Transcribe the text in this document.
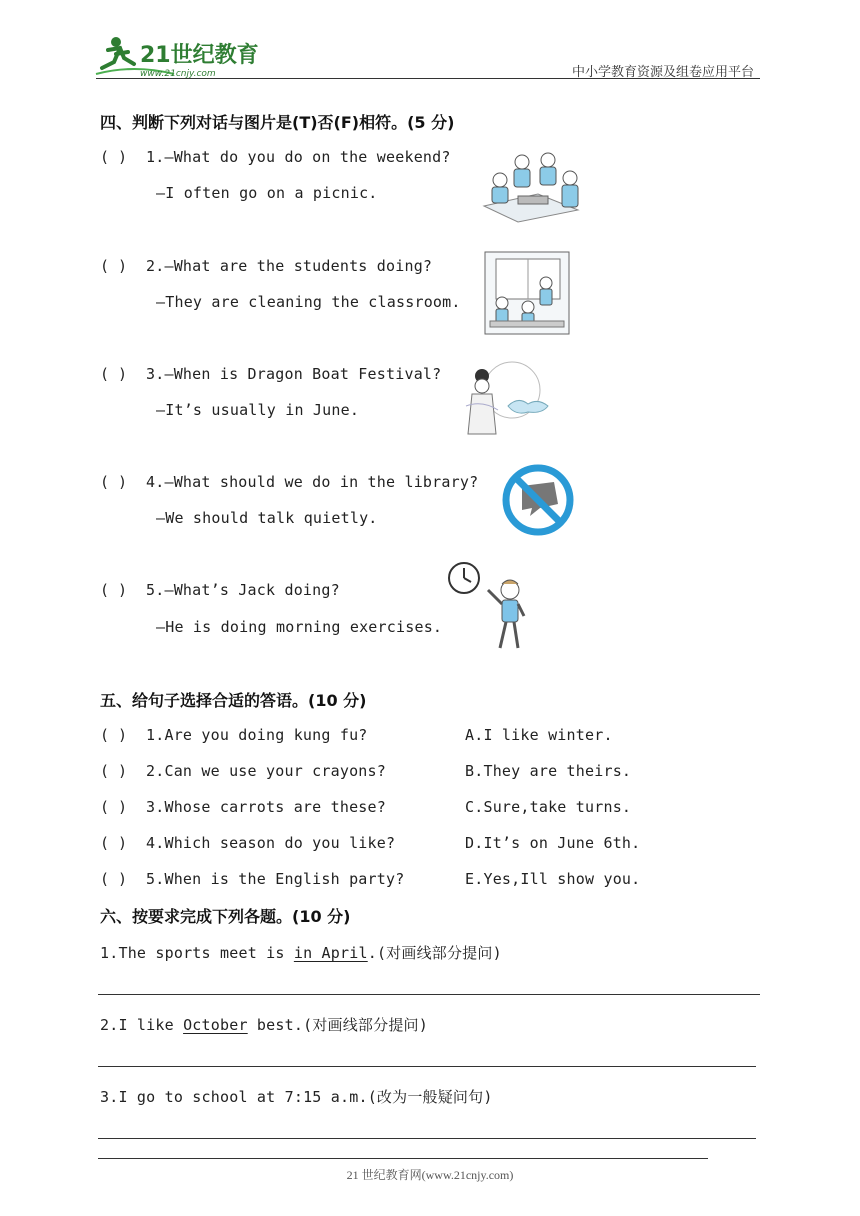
21世纪教育
www.21cnjy.com	中小学教育资源及组卷应用平台
四、判断下列对话与图片是(T)否(F)相符。(5 分)
( ) 1.—What do you do on the weekend?
—I often go on a picnic.
( ) 2.—What are the students doing?
—They are cleaning the classroom.
( ) 3.—When is Dragon Boat Festival?
—It’s usually in June.
( ) 4.—What should we do in the library?
—We should talk quietly.
( ) 5.—What’s Jack doing?
—He is doing morning exercises.
五、给句子选择合适的答语。(10 分)
( ) 1.Are you doing kung fu?	A.I like winter.
( ) 2.Can we use your crayons?	B.They are theirs.
( ) 3.Whose carrots are these?	C.Sure,take turns.
( ) 4.Which season do you like?	D.It’s on June 6th.
( ) 5.When is the English party?	E.Yes,Ill show you.
六、按要求完成下列各题。(10 分)
1.The sports meet is in April.(对画线部分提问)
2.I like October best.(对画线部分提问)
3.I go to school at 7:15 a.m.(改为一般疑问句)
21 世纪教育网(www.21cnjy.com)
